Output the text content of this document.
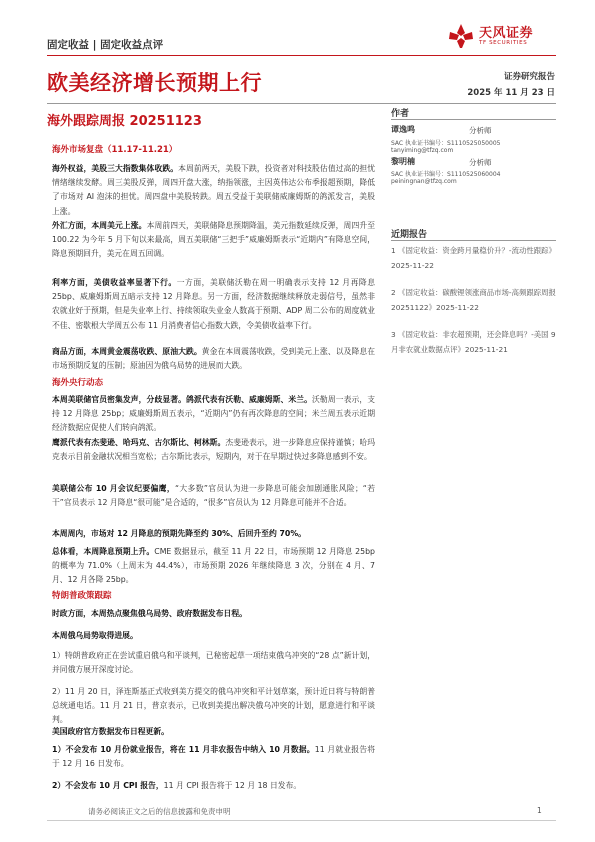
固定收益 | 固定收益点评
天风证券
TF SECURITIES
欧美经济增长预期上行	证券研究报告
2025 年 11 月 23 日
海外跟踪周报 20251123	作者
谭逸鸣	分析师
SAC 执业证书编号：S1110525050005
tanyiming@tfzq.com
黎明楠	分析师
SAC 执业证书编号：S1110525060004
peiningnan@tfzq.com
近期报告
1 《固定收益：资金跨月量稳价升？-流动性跟踪》 2025-11-22
2 《固定收益：碳酸锂领涨商品市场-高频跟踪周报 20251122》2025-11-22
3 《固定收益：非农超预期，还会降息吗？-美国 9 月非农就业数据点评》2025-11-21
海外市场复盘（11.17-11.21）
海外权益，美股三大指数集体收跌。本周前两天，美股下跌，投资者对科技股估值过高的担忧情绪继续发酵。周三美股反弹，周四开盘大涨，纳指领涨，主因英伟达公布季报超预期，降低了市场对 AI 泡沫的担忧。周四盘中美股转跌。周五受益于美联储威廉姆斯的鸽派发言，美股上涨。
外汇方面，本周美元上涨。本周前四天，美联储降息预期降温，美元指数延续反弹，周四升至 100.22 为今年 5 月下旬以来最高，周五美联储“三把手”威廉姆斯表示“近期内”有降息空间，降息预期回升，美元在周五回调。
利率方面，美债收益率显著下行。一方面，美联储沃勒在周一明确表示支持 12 月再降息 25bp、威廉姆斯周五暗示支持 12 月降息。另一方面，经济数据继续释放走弱信号，虽然非农就业好于预期，但是失业率上行、持续领取失业金人数高于预期、ADP 周二公布的周度就业不佳、密歇根大学周五公布 11 月消费者信心指数大跌，令美债收益率下行。
商品方面，本周黄金震荡收跌、原油大跌。黄金在本周震荡收跌，受到美元上涨、以及降息在市场预期反复的压制；原油因为俄乌局势的进展而大跌。
海外央行动态
本周美联储官员密集发声，分歧显著。鸽派代表有沃勒、威廉姆斯、米兰。沃勒周一表示，支持 12 月降息 25bp；威廉姆斯周五表示，“近期内”仍有再次降息的空间；米兰周五表示近期经济数据应促使人们转向鸽派。
鹰派代表有杰斐逊、哈玛克、古尔斯比、柯林斯。杰斐逊表示，进一步降息应保持谨慎；哈玛克表示目前金融状况相当宽松；古尔斯比表示，短期内，对于在早期过快过多降息感到不安。
美联储公布 10 月会议纪要偏鹰，“大多数”官员认为进一步降息可能会加剧通胀风险；“若干”官员表示 12 月降息“很可能”是合适的，“很多”官员认为 12 月降息可能并不合适。
本周周内，市场对 12 月降息的预期先降至约 30%、后回升至约 70%。
总体看，本周降息预期上升。CME 数据显示，截至 11 月 22 日，市场预期 12 月降息 25bp 的概率为 71.0%（上周末为 44.4%），市场预期 2026 年继续降息 3 次，分别在 4 月、7 月、12 月各降 25bp。
特朗普政策跟踪
时政方面，本周热点聚焦俄乌局势、政府数据发布日程。
本周俄乌局势取得进展。
1）特朗普政府正在尝试重启俄乌和平谈判，已秘密起草一项结束俄乌冲突的“28 点”新计划，并同俄方展开深度讨论。
2）11 月 20 日，泽连斯基正式收到美方提交的俄乌冲突和平计划草案，预计近日将与特朗普总统通电话。11 月 21 日，普京表示，已收到美提出解决俄乌冲突的计划，愿意进行和平谈判。
美国政府官方数据发布日程更新。
1）不会发布 10 月份就业报告，将在 11 月非农报告中纳入 10 月数据。11 月就业报告将于 12 月 16 日发布。
2）不会发布 10 月 CPI 报告，11 月 CPI 报告将于 12 月 18 日发布。
请务必阅读正文之后的信息披露和免责申明	1
